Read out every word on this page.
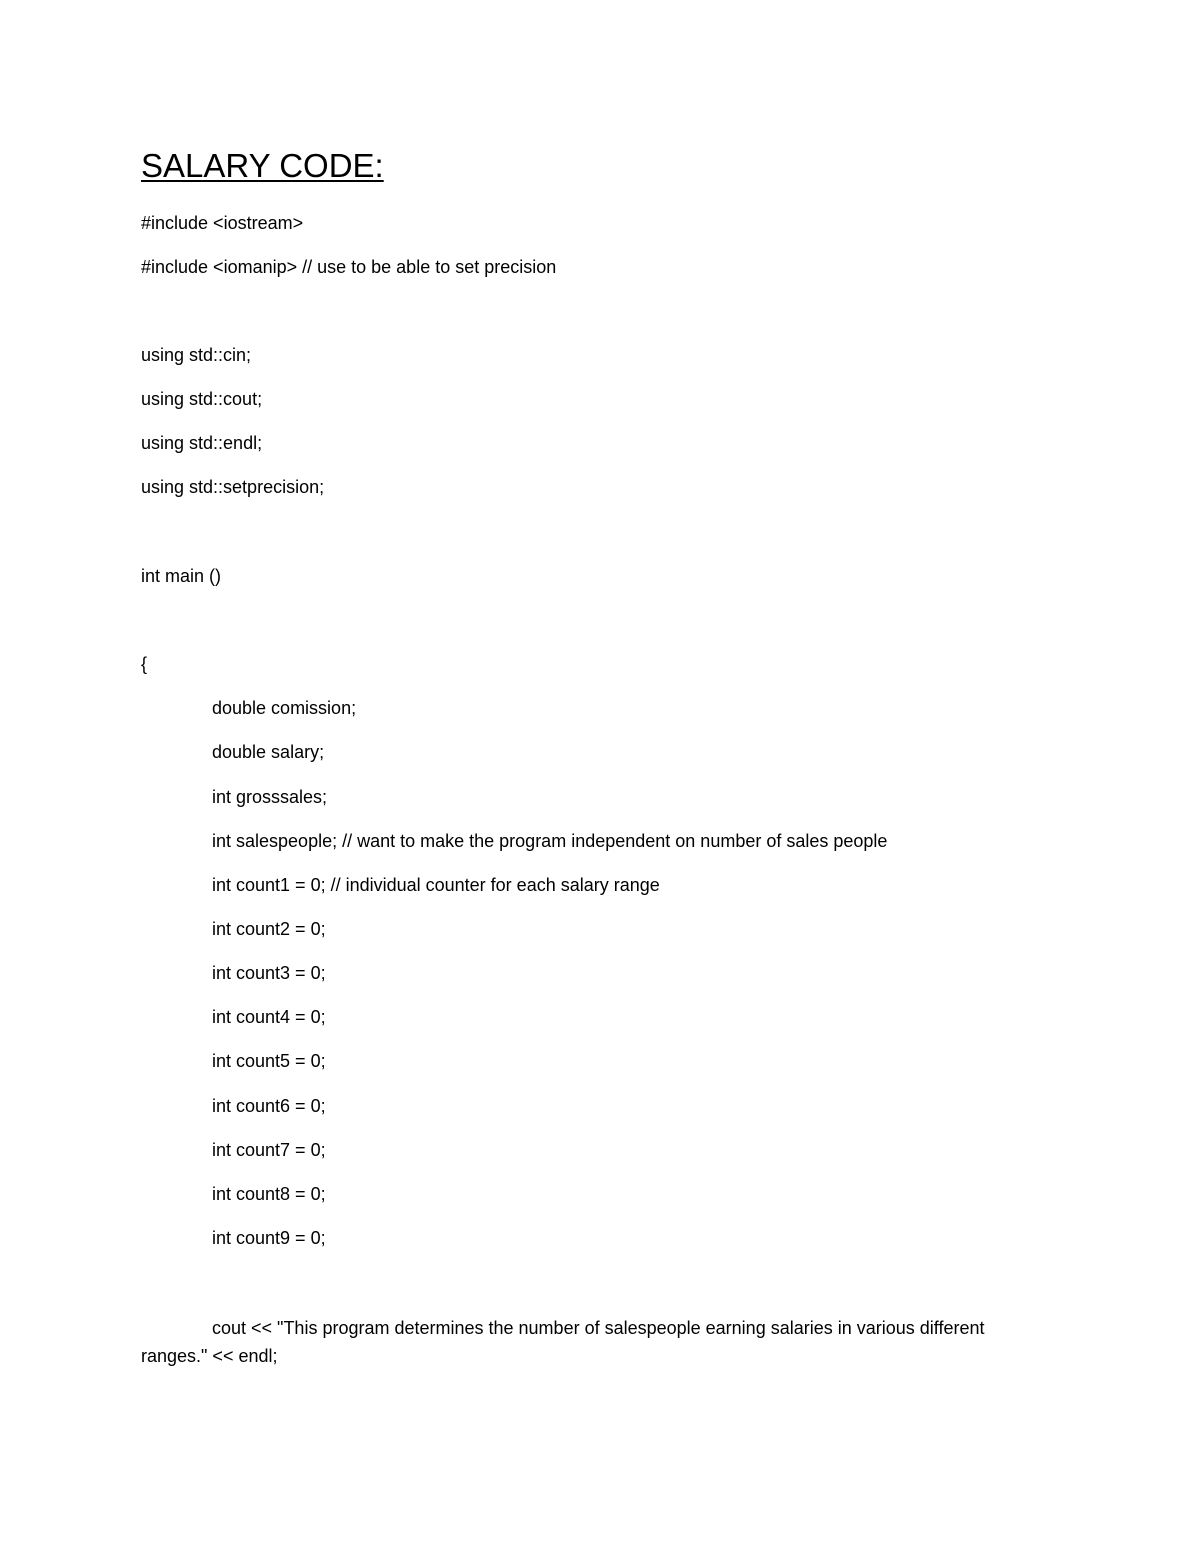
SALARY CODE:
#include <iostream>
#include <iomanip> // use to be able to set precision
using std::cin;
using std::cout;
using std::endl;
using std::setprecision;
int main ()
{
double comission;
double salary;
int grosssales;
int salespeople; // want to make the program independent on number of sales people
int count1 = 0; // individual counter for each salary range
int count2 = 0;
int count3 = 0;
int count4 = 0;
int count5 = 0;
int count6 = 0;
int count7 = 0;
int count8 = 0;
int count9 = 0;

cout << "This program determines the number of salespeople earning salaries in various different ranges." << endl;
